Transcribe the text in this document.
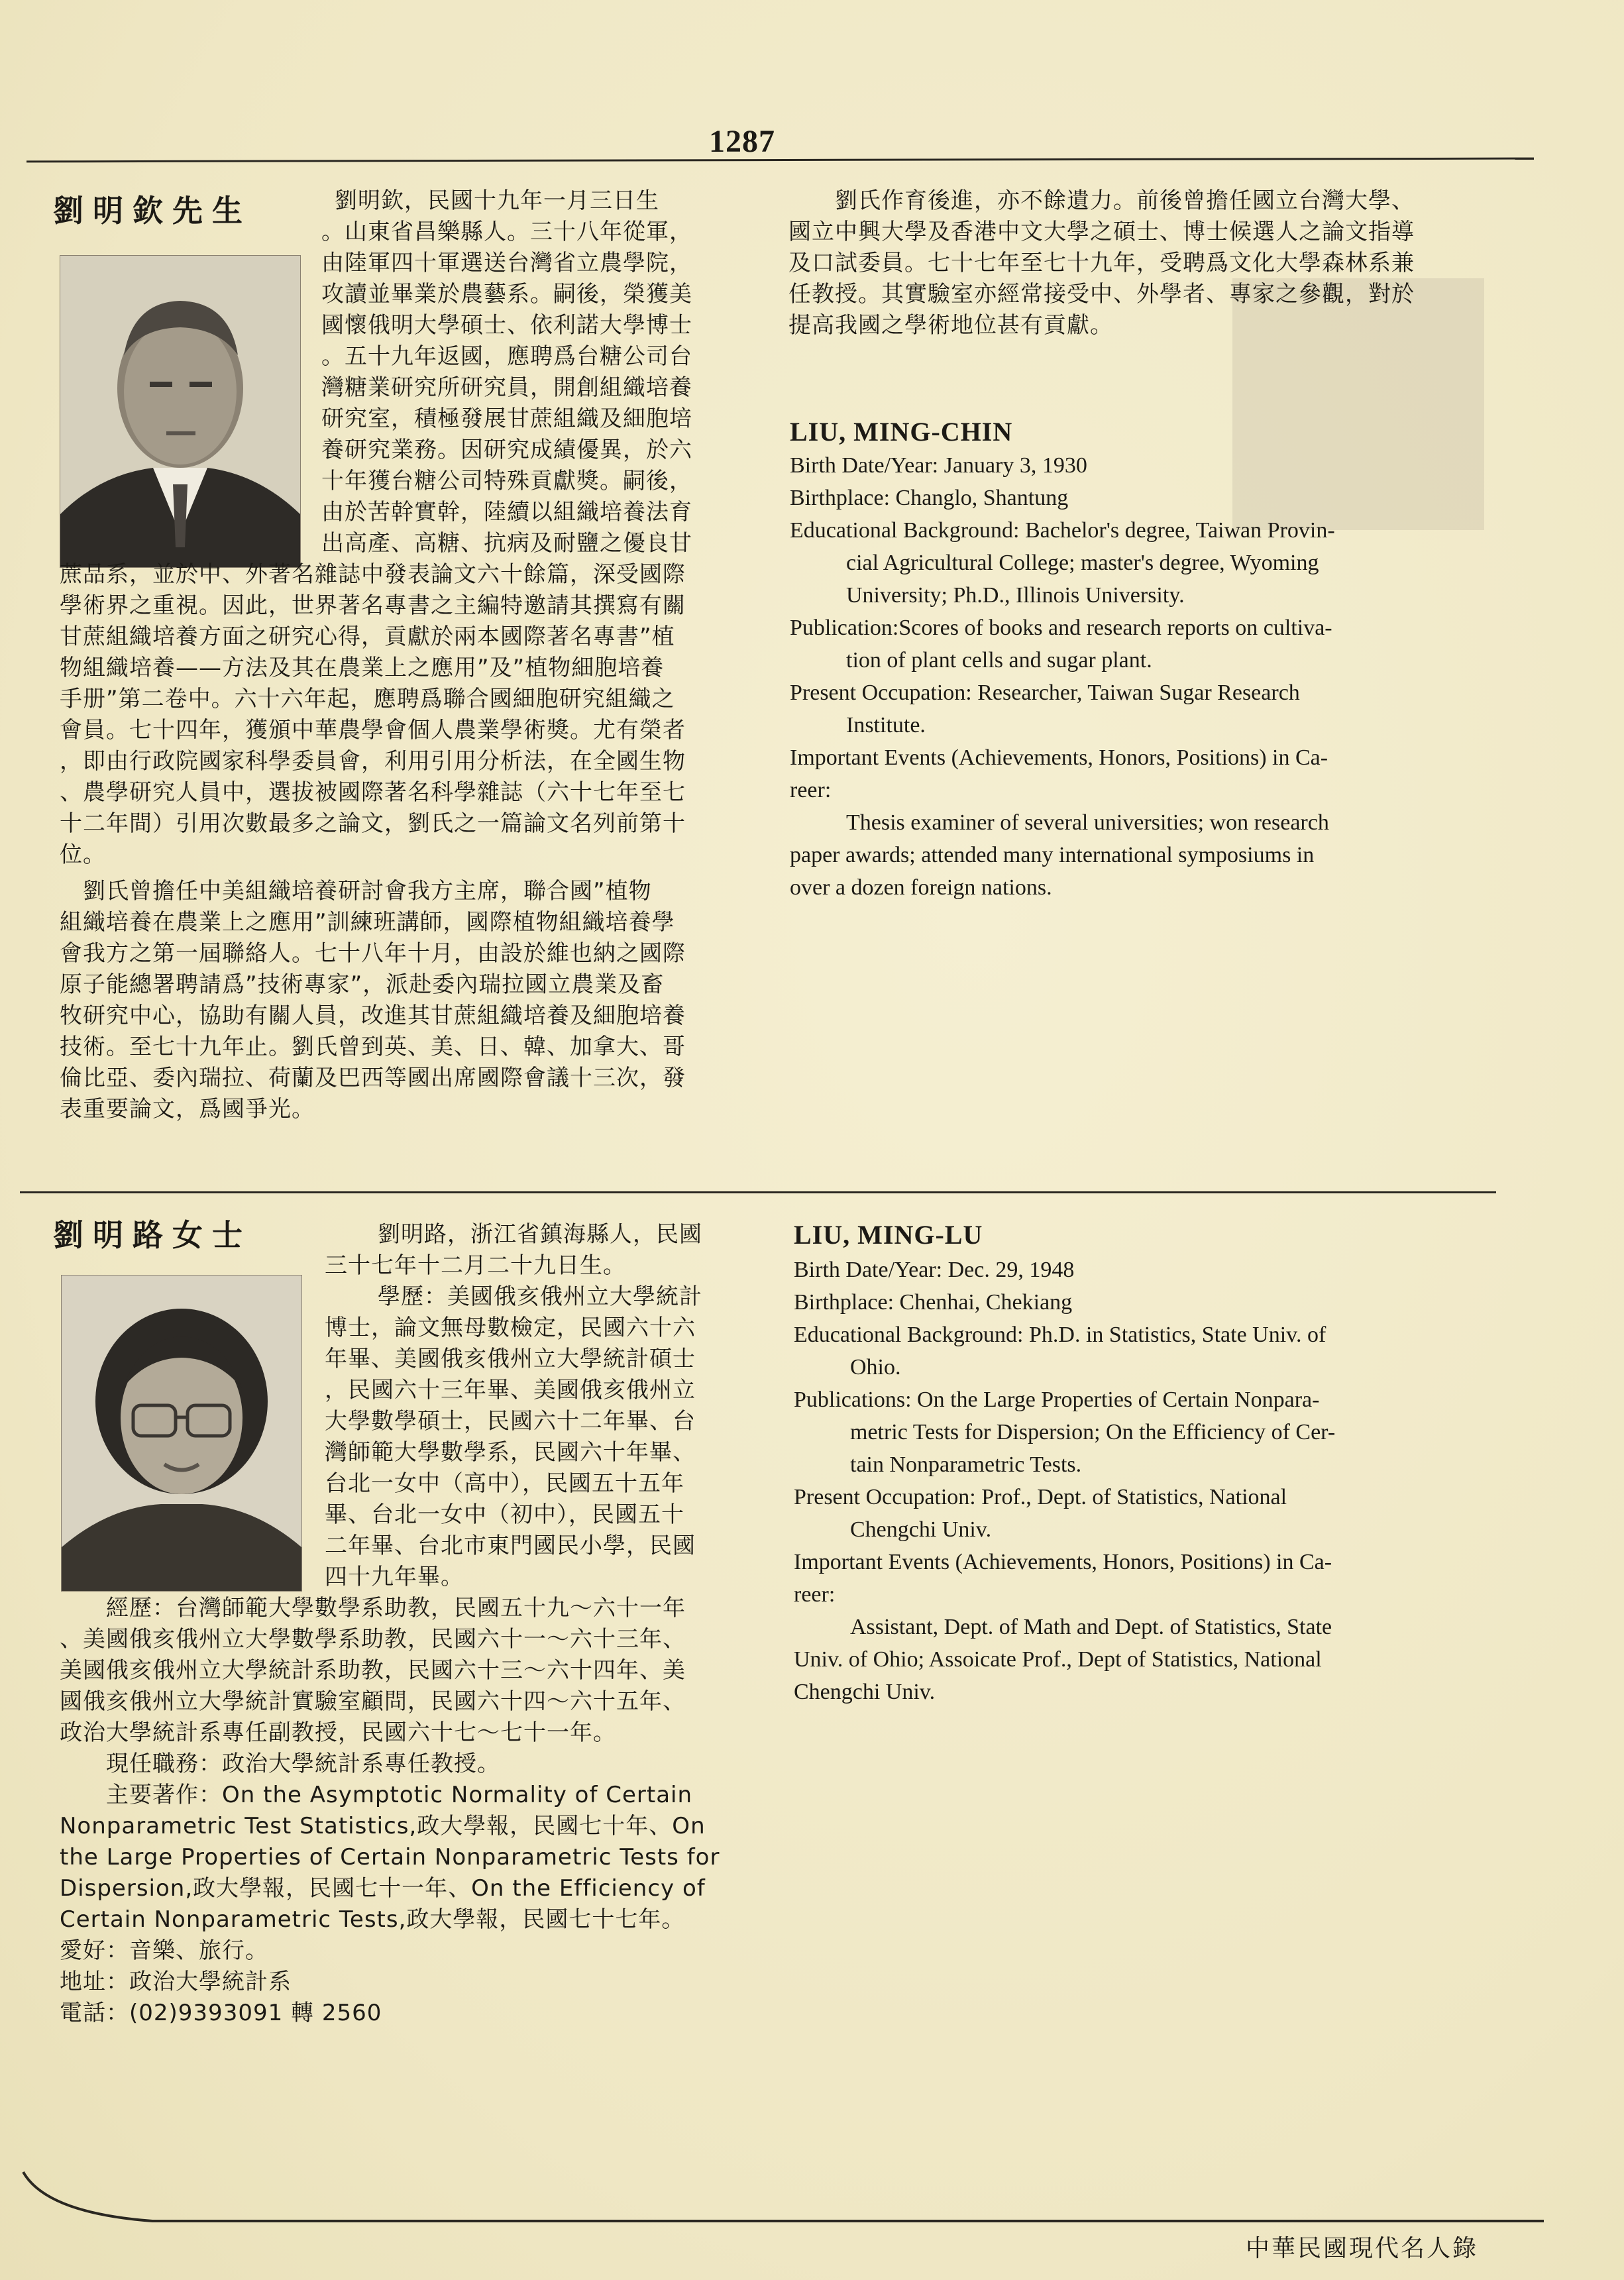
1287
劉明欽先生	劉明欽，民國十九年一月三日生
。山東省昌樂縣人。三十八年從軍，
由陸軍四十軍選送台灣省立農學院，
攻讀並畢業於農藝系。嗣後，榮獲美
國懷俄明大學碩士、依利諾大學博士
。五十九年返國，應聘爲台糖公司台
灣糖業研究所研究員，開創組織培養
研究室，積極發展甘蔗組織及細胞培
養研究業務。因研究成績優異，於六
十年獲台糖公司特殊貢獻獎。嗣後，
由於苦幹實幹，陸續以組織培養法育
出高產、高糖、抗病及耐鹽之優良甘
蔗品系，並於中、外著名雜誌中發表論文六十餘篇，深受國際
學術界之重視。因此，世界著名專書之主編特邀請其撰寫有關
甘蔗組織培養方面之研究心得，貢獻於兩本國際著名專書”植
物組織培養——方法及其在農業上之應用”及”植物細胞培養
手册”第二卷中。六十六年起，應聘爲聯合國細胞研究組織之
會員。七十四年，獲頒中華農學會個人農業學術獎。尤有榮者
，即由行政院國家科學委員會，利用引用分析法，在全國生物
、農學研究人員中，選拔被國際著名科學雜誌（六十七年至七
十二年間）引用次數最多之論文，劉氏之一篇論文名列前第十
位。
　劉氏曾擔任中美組織培養研討會我方主席，聯合國”植物
組織培養在農業上之應用”訓練班講師，國際植物組織培養學
會我方之第一屆聯絡人。七十八年十月，由設於維也納之國際
原子能總署聘請爲”技術專家”，派赴委內瑞拉國立農業及畜
牧研究中心，協助有關人員，改進其甘蔗組織培養及細胞培養
技術。至七十九年止。劉氏曾到英、美、日、韓、加拿大、哥
倫比亞、委內瑞拉、荷蘭及巴西等國出席國際會議十三次，發
表重要論文，爲國爭光。
劉氏作育後進，亦不餘遺力。前後曾擔任國立台灣大學、
國立中興大學及香港中文大學之碩士、博士候選人之論文指導
及口試委員。七十七年至七十九年，受聘爲文化大學森林系兼
任教授。其實驗室亦經常接受中、外學者、專家之參觀，對於
提高我國之學術地位甚有貢獻。
LIU, MING-CHIN
Birth Date/Year: January 3, 1930
Birthplace: Changlo, Shantung
Educational Background: Bachelor's degree, Taiwan Provin-
cial Agricultural College; master's degree, Wyoming
University; Ph.D., Illinois University.
Publication:Scores of books and research reports on cultiva-
tion of plant cells and sugar plant.
Present Occupation: Researcher, Taiwan Sugar Research
Institute.
Important Events (Achievements, Honors, Positions) in Ca-
reer:
Thesis examiner of several universities; won research
paper awards; attended many international symposiums in
over a dozen foreign nations.
劉明路女士	劉明路，浙江省鎮海縣人，民國
三十七年十二月二十九日生。
學歷：美國俄亥俄州立大學統計
博士，論文無母數檢定，民國六十六
年畢、美國俄亥俄州立大學統計碩士
，民國六十三年畢、美國俄亥俄州立
大學數學碩士，民國六十二年畢、台
灣師範大學數學系，民國六十年畢、
台北一女中（高中），民國五十五年
畢、台北一女中（初中），民國五十
二年畢、台北市東門國民小學，民國
四十九年畢。
經歷：台灣師範大學數學系助教，民國五十九～六十一年
、美國俄亥俄州立大學數學系助教，民國六十一～六十三年、
美國俄亥俄州立大學統計系助教，民國六十三～六十四年、美
國俄亥俄州立大學統計實驗室顧問，民國六十四～六十五年、
政治大學統計系專任副教授，民國六十七～七十一年。
現任職務：政治大學統計系專任教授。
主要著作：On the Asymptotic Normality of Certain
Nonparametric Test Statistics,政大學報，民國七十年、On
the Large Properties of Certain Nonparametric Tests for
Dispersion,政大學報，民國七十一年、On the Efficiency of
Certain Nonparametric Tests,政大學報，民國七十七年。
愛好：音樂、旅行。
地址：政治大學統計系
電話：(02)9393091 轉 2560
LIU, MING-LU
Birth Date/Year: Dec. 29, 1948
Birthplace: Chenhai, Chekiang
Educational Background: Ph.D. in Statistics, State Univ. of
Ohio.
Publications: On the Large Properties of Certain Nonpara-
metric Tests for Dispersion; On the Efficiency of Cer-
tain Nonparametric Tests.
Present Occupation: Prof., Dept. of Statistics, National
Chengchi Univ.
Important Events (Achievements, Honors, Positions) in Ca-
reer:
Assistant, Dept. of Math and Dept. of Statistics, State
Univ. of Ohio; Assoicate Prof., Dept of Statistics, National
Chengchi Univ.
中華民國現代名人錄
